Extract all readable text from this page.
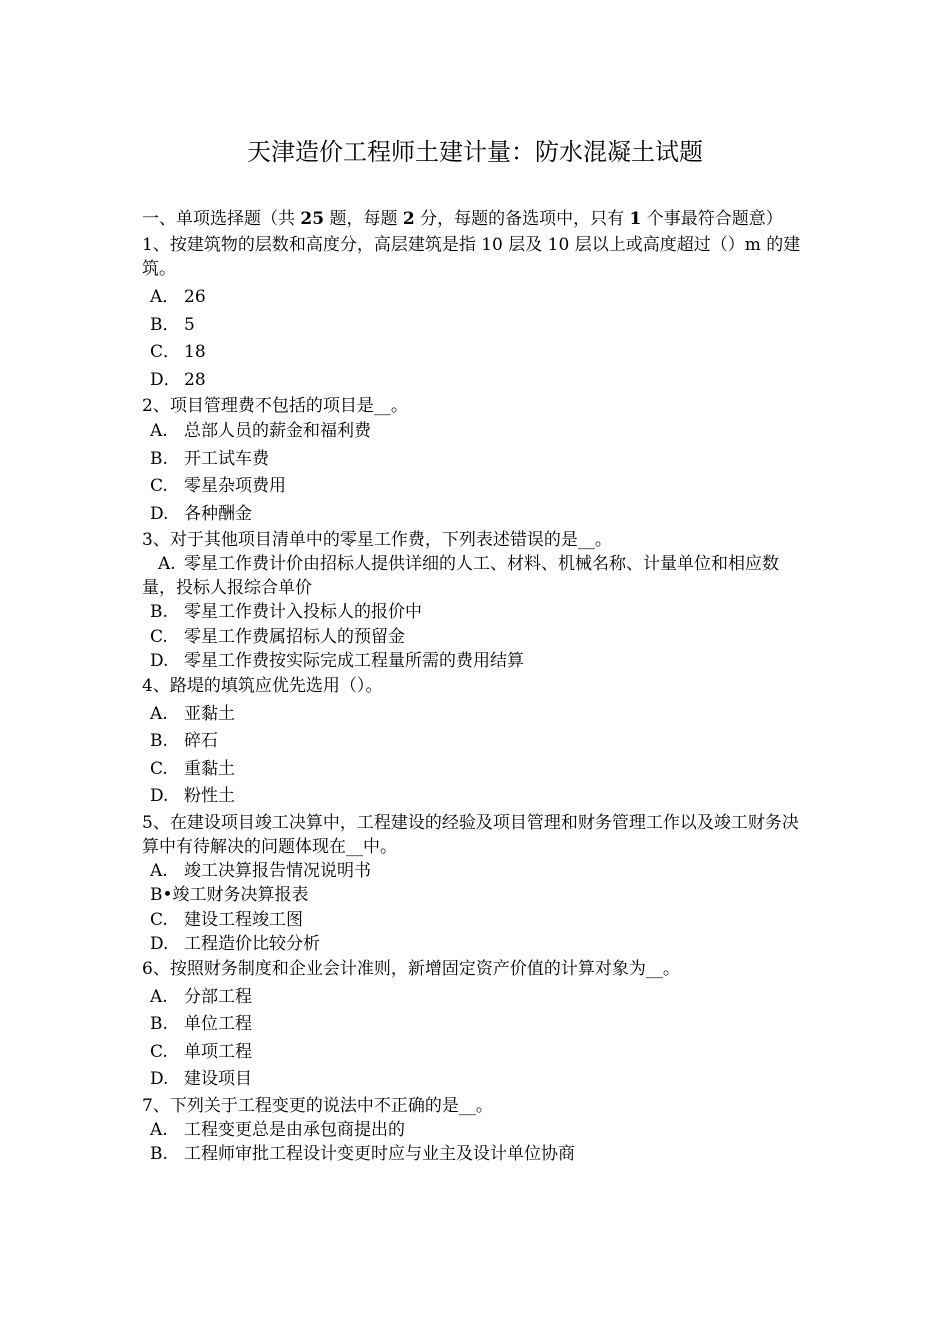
天津造价工程师土建计量：防水混凝土试题

一、单项选择题（共 25 题，每题 2 分，每题的备选项中，只有 1 个事最符合题意）

1、按建筑物的层数和高度分，高层建筑是指 10 层及 10 层以上或高度超过（）m 的建筑。

A． 26

B． 5

C． 18

D． 28

2、项目管理费不包括的项目是__。

A. 总部人员的薪金和福利费

B. 开工试车费

C. 零星杂项费用

D. 各种酬金

3、对于其他项目清单中的零星工作费，下列表述错误的是__。

A. 零星工作费计价由招标人提供详细的人工、材料、机械名称、计量单位和相应数量，投标人报综合单价

B. 零星工作费计入投标人的报价中

C. 零星工作费属招标人的预留金

D. 零星工作费按实际完成工程量所需的费用结算

4、路堤的填筑应优先选用（）。

A. 亚黏土

B. 碎石

C. 重黏土

D. 粉性土

5、在建设项目竣工决算中，工程建设的经验及项目管理和财务管理工作以及竣工财务决算中有待解决的问题体现在__中。

A. 竣工决算报告情况说明书

B•竣工财务决算报表

C. 建设工程竣工图

D. 工程造价比较分析

6、按照财务制度和企业会计准则，新增固定资产价值的计算对象为__。

A. 分部工程

B. 单位工程

C. 单项工程

D. 建设项目

7、下列关于工程变更的说法中不正确的是__。

A. 工程变更总是由承包商提出的

B. 工程师审批工程设计变更时应与业主及设计单位协商
